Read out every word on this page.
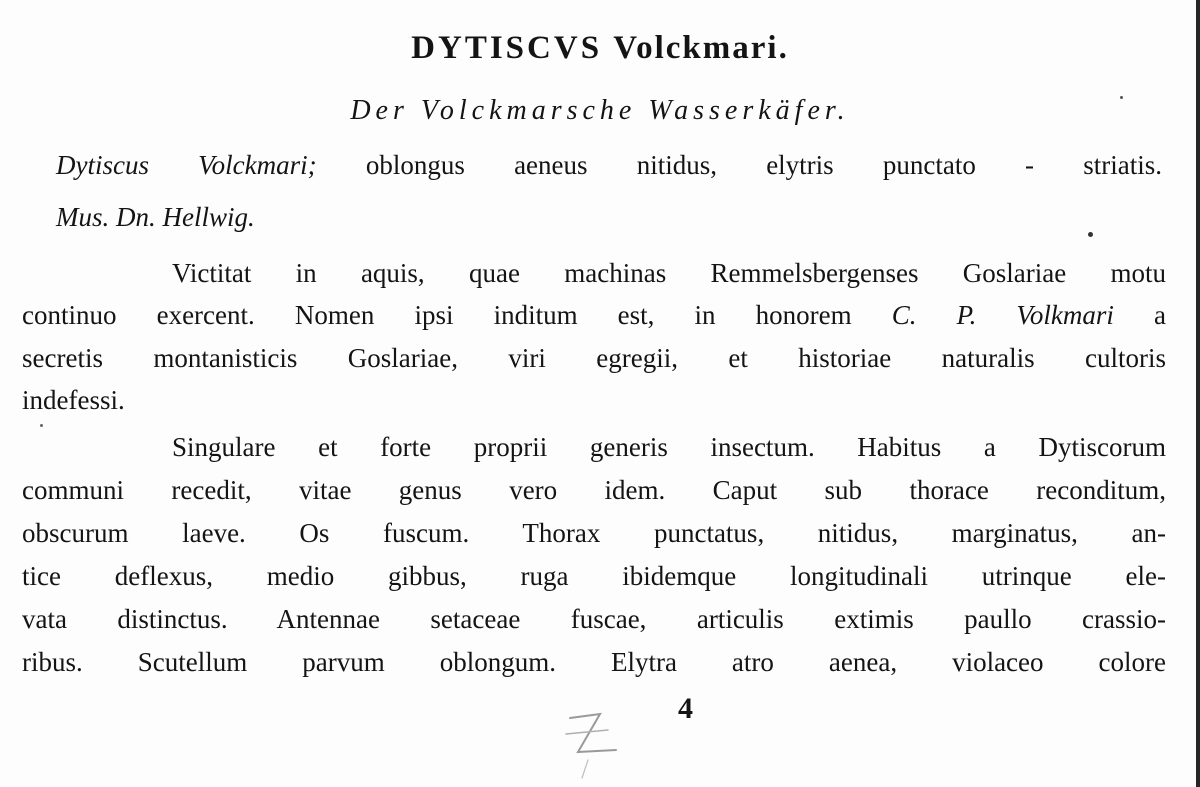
DYTISCVS Volckmari.
Der Volckmarsche Wasserkäfer.
Dytiscus Volckmari; oblongus aeneus nitidus, elytris punctato - striatis.
Mus. Dn. Hellwig.
Victitat in aquis, quae machinas Remmelsbergenses Goslariae motu
continuo exercent. Nomen ipsi inditum est, in honorem C. P. Volkmari a
secretis montanisticis Goslariae, viri egregii, et historiae naturalis cultoris
indefessi.
Singulare et forte proprii generis insectum. Habitus a Dytiscorum
communi recedit, vitae genus vero idem. Caput sub thorace reconditum,
obscurum laeve. Os fuscum. Thorax punctatus, nitidus, marginatus, an-
tice deflexus, medio gibbus, ruga ibidemque longitudinali utrinque ele-
vata distinctus. Antennae setaceae fuscae, articulis extimis paullo crassio-
ribus. Scutellum parvum oblongum. Elytra atro aenea, violaceo colore
4
